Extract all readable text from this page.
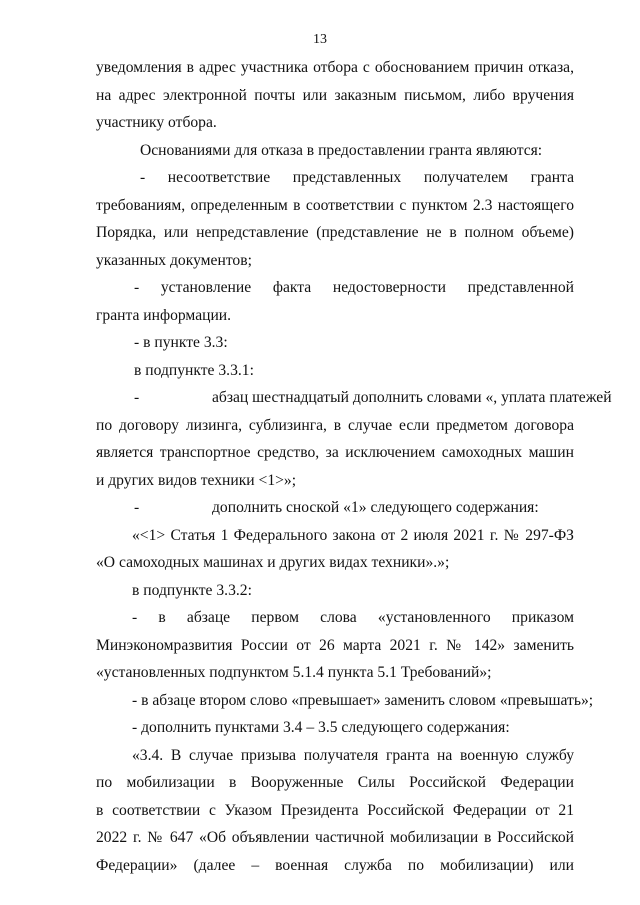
13
уведомления в адрес участника отбора с обоснованием причин отказа,
на адрес электронной почты или заказным письмом, либо вручения
участнику отбора.
Основаниями для отказа в предоставлении гранта являются:
- несоответствие представленных получателем гранта
требованиям, определенным в соответствии с пунктом 2.3 настоящего
Порядка, или непредставление (представление не в полном объеме)
указанных документов;
- установление факта недостоверности представленной
гранта информации.
- в пункте 3.3:
в подпункте 3.3.1:
-	абзац шестнадцатый дополнить словами «, уплата платежей
по договору лизинга, сублизинга, в случае если предметом договора
является транспортное средство, за исключением самоходных машин
и других видов техники <1>»;
-	дополнить сноской «1» следующего содержания:
«<1> Статья 1 Федерального закона от 2 июля 2021 г. № 297-ФЗ
«О самоходных машинах и других видах техники».»;
в подпункте 3.3.2:
- в абзаце первом слова «установленного приказом
Минэкономразвития России от 26 марта 2021 г. № 142» заменить
«установленных подпунктом 5.1.4 пункта 5.1 Требований»;
- в абзаце втором слово «превышает» заменить словом «превышать»;
- дополнить пунктами 3.4 – 3.5 следующего содержания:
«3.4. В случае призыва получателя гранта на военную службу
по мобилизации в Вооруженные Силы Российской Федерации
в соответствии с Указом Президента Российской Федерации от 21
2022 г. № 647 «Об объявлении частичной мобилизации в Российской
Федерации» (далее – военная служба по мобилизации) или
